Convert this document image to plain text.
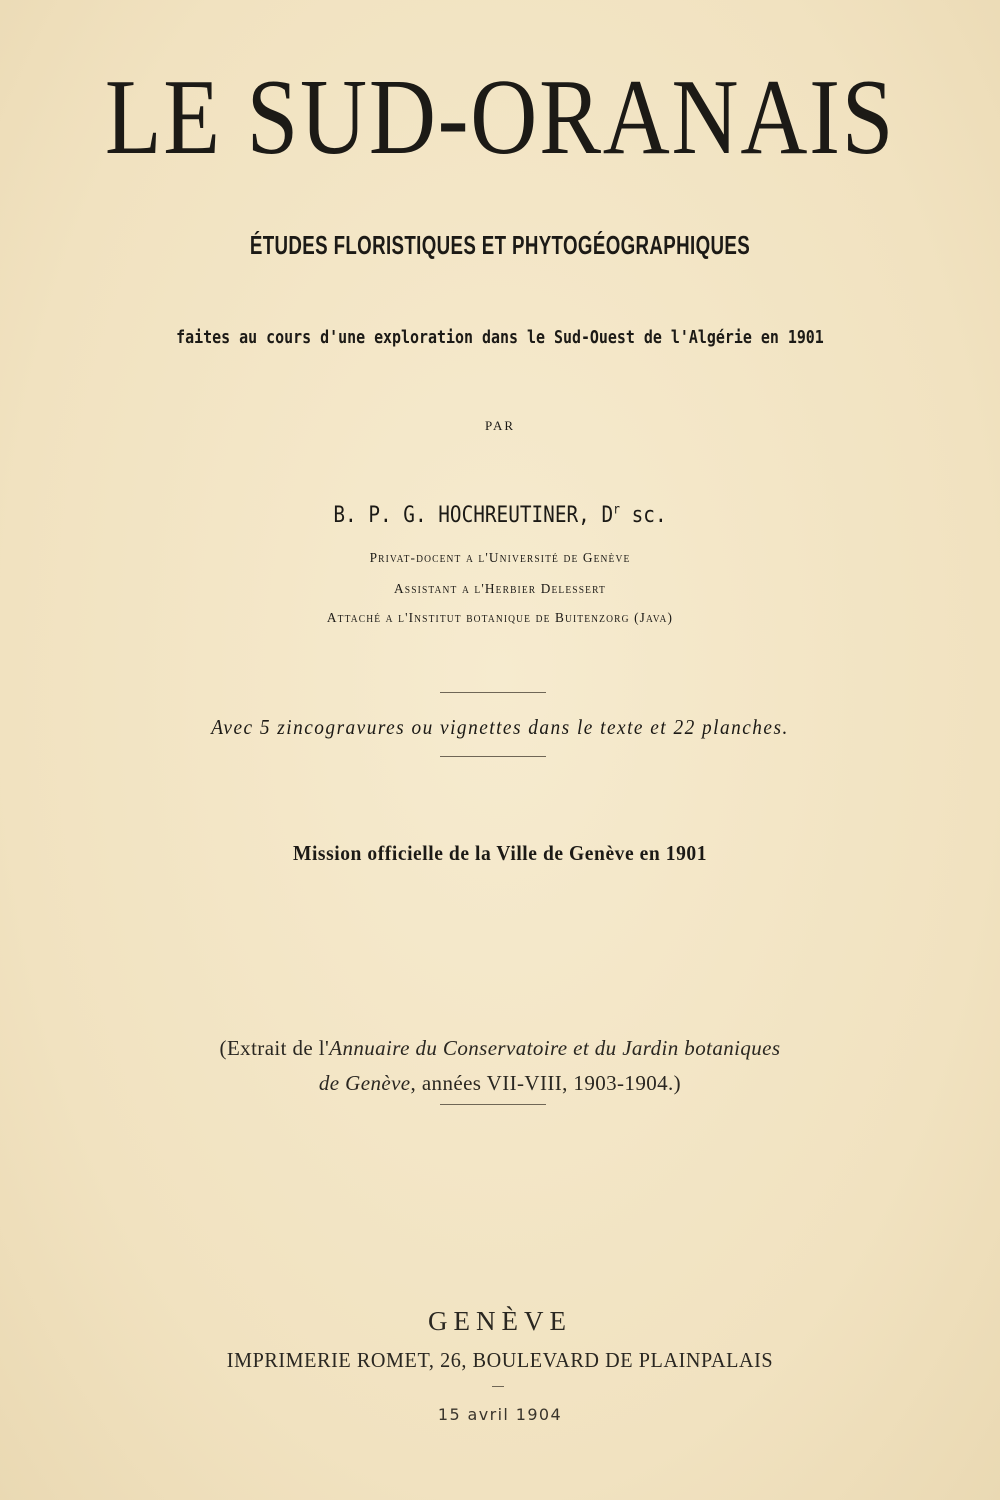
LE SUD-ORANAIS
ÉTUDES FLORISTIQUES ET PHYTOGÉOGRAPHIQUES
faites au cours d'une exploration dans le Sud-Ouest de l'Algérie en 1901
PAR
B. P. G. HOCHREUTINER, $D^r$ sc.
Privat-docent a l'Université de Genève
Assistant a l'Herbier Delessert
Attaché a l'Institut botanique de Buitenzorg (Java)
Avec 5 zincogravures ou vignettes dans le texte et 22 planches.
Mission officielle de la Ville de Genève en 1901
(Extrait de l'Annuaire du Conservatoire et du Jardin botaniques
de Genève, années VII-VIII, 1903-1904.)
GENÈVE
IMPRIMERIE ROMET, 26, BOULEVARD DE PLAINPALAIS
15 avril 1904
